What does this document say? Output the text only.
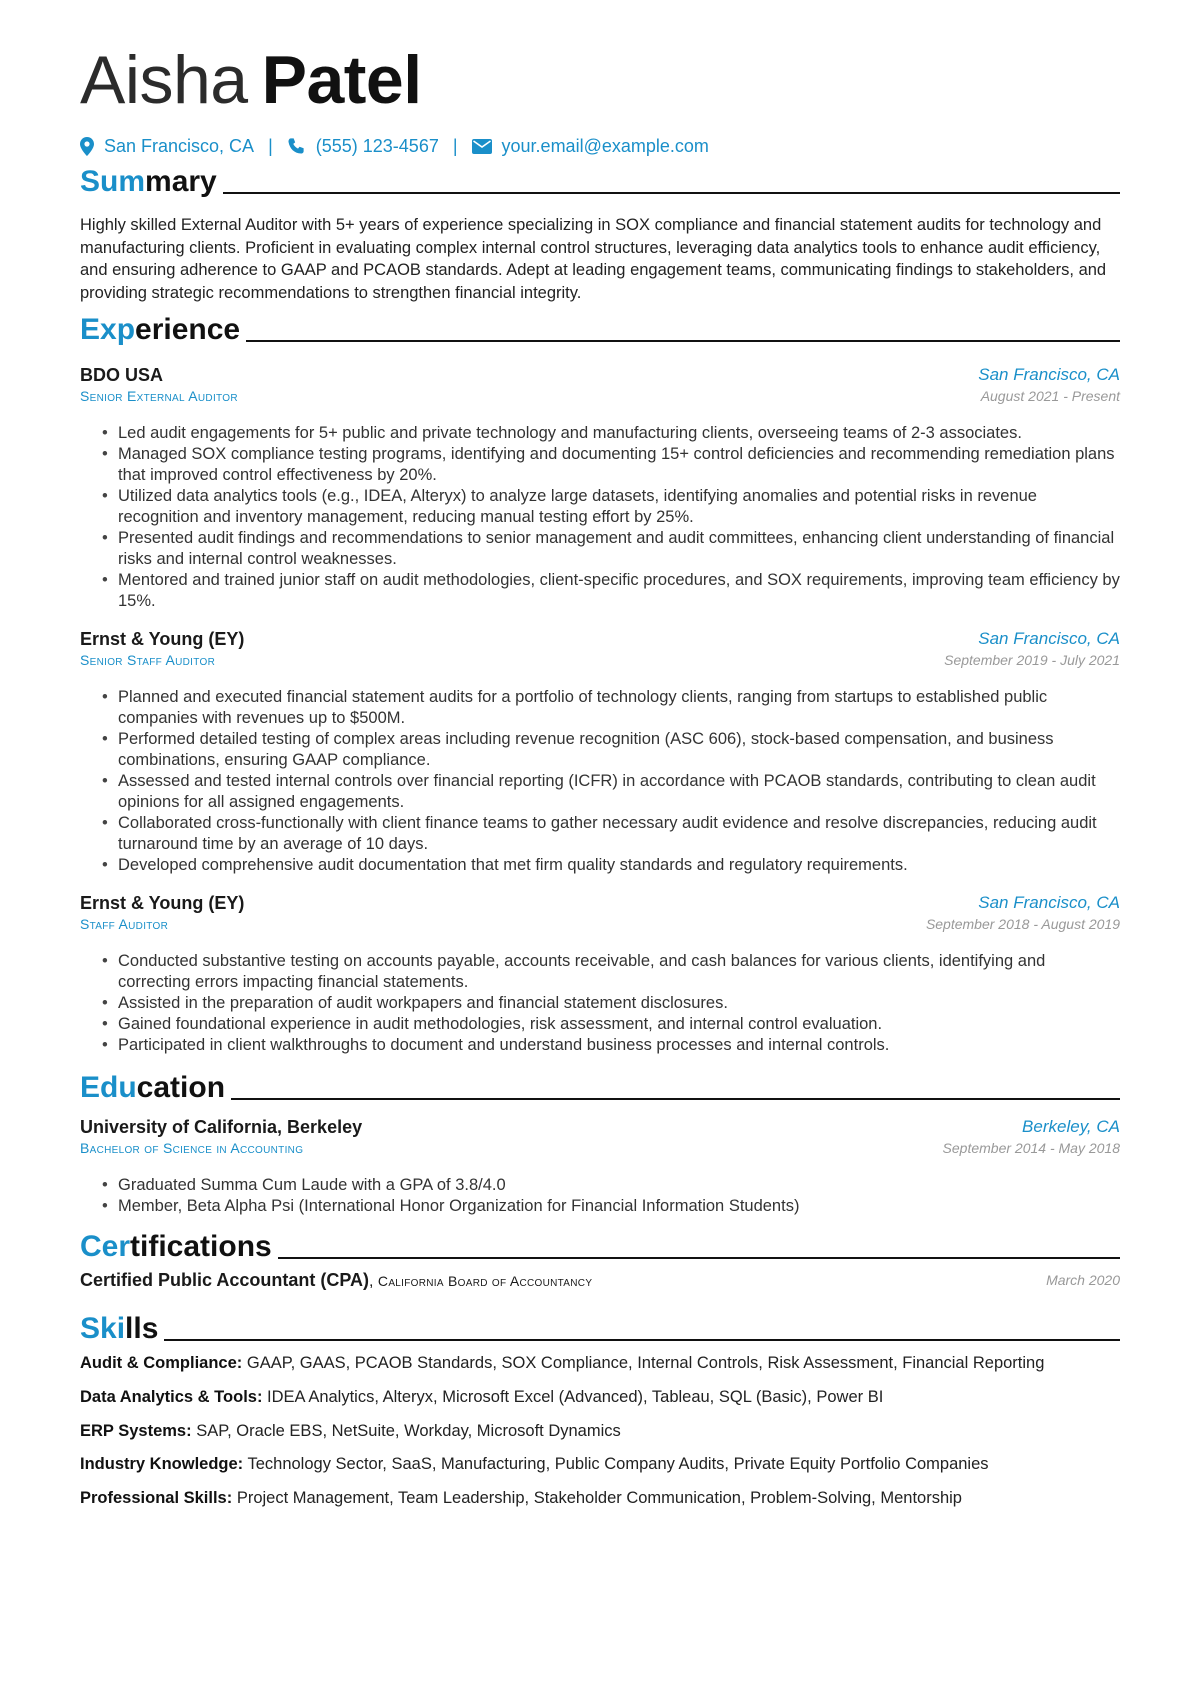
Aisha Patel
San Francisco, CA | (555) 123-4567 | your.email@example.com
Summary
Highly skilled External Auditor with 5+ years of experience specializing in SOX compliance and financial statement audits for technology and manufacturing clients. Proficient in evaluating complex internal control structures, leveraging data analytics tools to enhance audit efficiency, and ensuring adherence to GAAP and PCAOB standards. Adept at leading engagement teams, communicating findings to stakeholders, and providing strategic recommendations to strengthen financial integrity.
Experience
BDO USA
Senior External Auditor
San Francisco, CA
August 2021 - Present
• Led audit engagements for 5+ public and private technology and manufacturing clients, overseeing teams of 2-3 associates.
• Managed SOX compliance testing programs, identifying and documenting 15+ control deficiencies and recommending remediation plans that improved control effectiveness by 20%.
• Utilized data analytics tools (e.g., IDEA, Alteryx) to analyze large datasets, identifying anomalies and potential risks in revenue recognition and inventory management, reducing manual testing effort by 25%.
• Presented audit findings and recommendations to senior management and audit committees, enhancing client understanding of financial risks and internal control weaknesses.
• Mentored and trained junior staff on audit methodologies, client-specific procedures, and SOX requirements, improving team efficiency by 15%.
Ernst & Young (EY)
Senior Staff Auditor
San Francisco, CA
September 2019 - July 2021
• Planned and executed financial statement audits for a portfolio of technology clients, ranging from startups to established public companies with revenues up to $500M.
• Performed detailed testing of complex areas including revenue recognition (ASC 606), stock-based compensation, and business combinations, ensuring GAAP compliance.
• Assessed and tested internal controls over financial reporting (ICFR) in accordance with PCAOB standards, contributing to clean audit opinions for all assigned engagements.
• Collaborated cross-functionally with client finance teams to gather necessary audit evidence and resolve discrepancies, reducing audit turnaround time by an average of 10 days.
• Developed comprehensive audit documentation that met firm quality standards and regulatory requirements.
Ernst & Young (EY)
Staff Auditor
San Francisco, CA
September 2018 - August 2019
• Conducted substantive testing on accounts payable, accounts receivable, and cash balances for various clients, identifying and correcting errors impacting financial statements.
• Assisted in the preparation of audit workpapers and financial statement disclosures.
• Gained foundational experience in audit methodologies, risk assessment, and internal control evaluation.
• Participated in client walkthroughs to document and understand business processes and internal controls.
Education
University of California, Berkeley
Bachelor of Science in Accounting
Berkeley, CA
September 2014 - May 2018
• Graduated Summa Cum Laude with a GPA of 3.8/4.0
• Member, Beta Alpha Psi (International Honor Organization for Financial Information Students)
Certifications
Certified Public Accountant (CPA), California Board of Accountancy	March 2020
Skills
Audit & Compliance: GAAP, GAAS, PCAOB Standards, SOX Compliance, Internal Controls, Risk Assessment, Financial Reporting
Data Analytics & Tools: IDEA Analytics, Alteryx, Microsoft Excel (Advanced), Tableau, SQL (Basic), Power BI
ERP Systems: SAP, Oracle EBS, NetSuite, Workday, Microsoft Dynamics
Industry Knowledge: Technology Sector, SaaS, Manufacturing, Public Company Audits, Private Equity Portfolio Companies
Professional Skills: Project Management, Team Leadership, Stakeholder Communication, Problem-Solving, Mentorship
